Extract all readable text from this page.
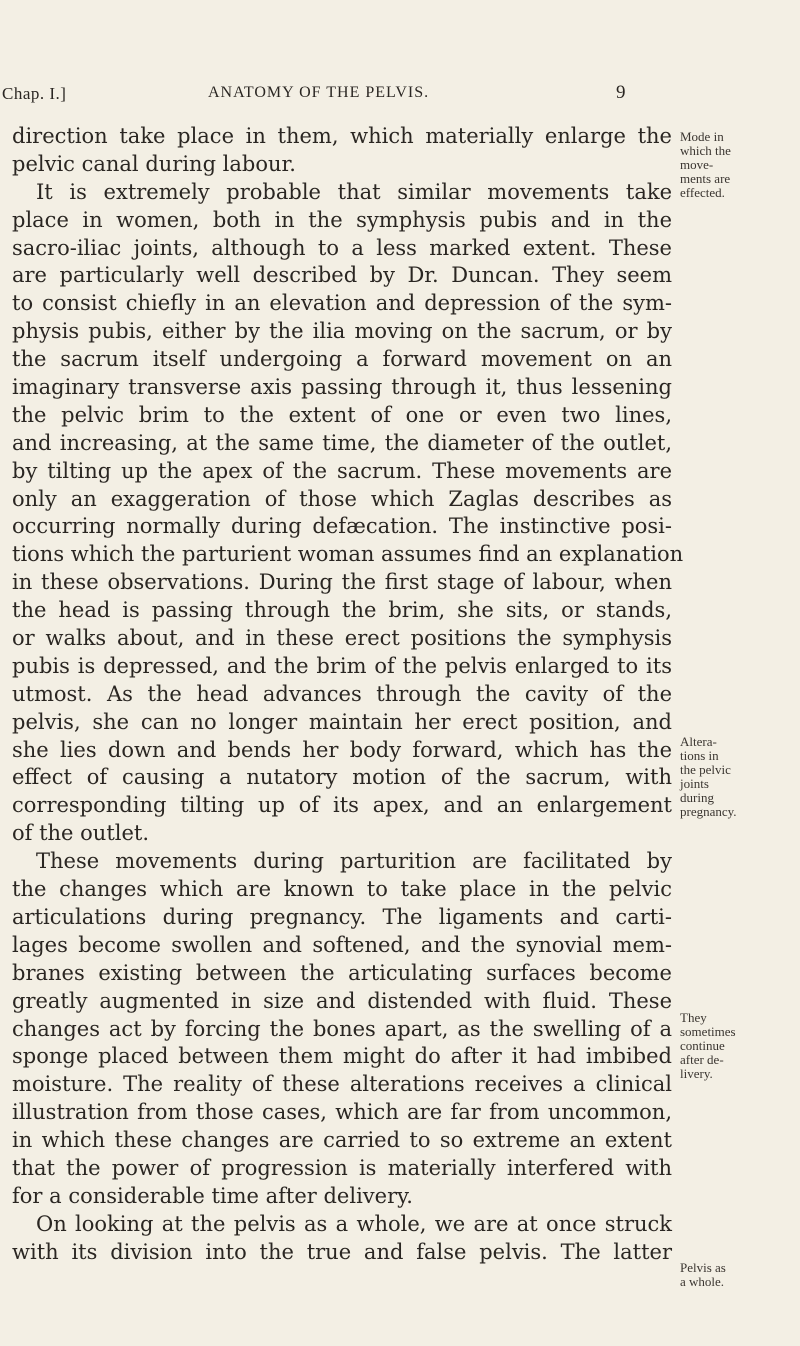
Chap. I.]	ANATOMY OF THE PELVIS.	9
direction take place in them, which materially enlarge the
pelvic canal during labour.
It is extremely probable that similar movements take
place in women, both in the symphysis pubis and in the
sacro-iliac joints, although to a less marked extent. These
are particularly well described by Dr. Duncan. They seem
to consist chiefly in an elevation and depression of the sym-
physis pubis, either by the ilia moving on the sacrum, or by
the sacrum itself undergoing a forward movement on an
imaginary transverse axis passing through it, thus lessening
the pelvic brim to the extent of one or even two lines,
and increasing, at the same time, the diameter of the outlet,
by tilting up the apex of the sacrum. These movements are
only an exaggeration of those which Zaglas describes as
occurring normally during defæcation. The instinctive posi-
tions which the parturient woman assumes find an explanation
in these observations. During the first stage of labour, when
the head is passing through the brim, she sits, or stands,
or walks about, and in these erect positions the symphysis
pubis is depressed, and the brim of the pelvis enlarged to its
utmost. As the head advances through the cavity of the
pelvis, she can no longer maintain her erect position, and
she lies down and bends her body forward, which has the
effect of causing a nutatory motion of the sacrum, with
corresponding tilting up of its apex, and an enlargement
of the outlet.
These movements during parturition are facilitated by
the changes which are known to take place in the pelvic
articulations during pregnancy. The ligaments and carti-
lages become swollen and softened, and the synovial mem-
branes existing between the articulating surfaces become
greatly augmented in size and distended with fluid. These
changes act by forcing the bones apart, as the swelling of a
sponge placed between them might do after it had imbibed
moisture. The reality of these alterations receives a clinical
illustration from those cases, which are far from uncommon,
in which these changes are carried to so extreme an extent
that the power of progression is materially interfered with
for a considerable time after delivery.
On looking at the pelvis as a whole, we are at once struck
with its division into the true and false pelvis. The latter
Mode in
which the
move-
ments are
effected.
Altera-
tions in
the pelvic
joints
during
pregnancy.
They
sometimes
continue
after de-
livery.
Pelvis as
a whole.
